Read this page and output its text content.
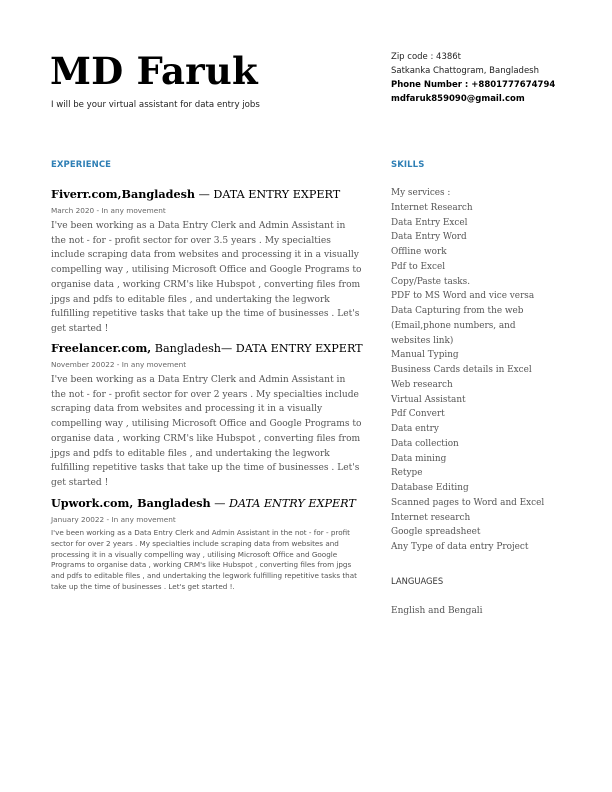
MD Faruk
I will be your virtual assistant for data entry jobs
Zip code : 4386t
Satkanka Chattogram, Bangladesh
Phone Number : +8801777674794
mdfaruk859090@gmail.com
EXPERIENCE	SKILLS
Fiverr.com,Bangladesh — DATA ENTRY EXPERT
March 2020 - In any movement
I've been working as a Data Entry Clerk and Admin Assistant in the not - for - profit sector for over 3.5 years . My specialties include scraping data from websites and processing it in a visually compelling way , utilising Microsoft Office and Google Programs to organise data , working CRM's like Hubspot , converting files from jpgs and pdfs to editable files , and undertaking the legwork fulfilling repetitive tasks that take up the time of businesses . Let's get started !
Freelancer.com, Bangladesh— DATA ENTRY EXPERT
November 20022 - In any movement
I've been working as a Data Entry Clerk and Admin Assistant in the not - for - profit sector for over 2 years . My specialties include scraping data from websites and processing it in a visually compelling way , utilising Microsoft Office and Google Programs to organise data , working CRM's like Hubspot , converting files from jpgs and pdfs to editable files , and undertaking the legwork fulfilling repetitive tasks that take up the time of businesses . Let's get started !
Upwork.com, Bangladesh — DATA ENTRY EXPERT
January 20022 - In any movement
I've been working as a Data Entry Clerk and Admin Assistant in the not - for - profit sector for over 2 years . My specialties include scraping data from websites and processing it in a visually compelling way , utilising Microsoft Office and Google Programs to organise data , working CRM's like Hubspot , converting files from jpgs and pdfs to editable files , and undertaking the legwork fulfilling repetitive tasks that take up the time of businesses . Let's get started !.
My services :
Internet Research
Data Entry Excel
Data Entry Word
Offline work
Pdf to Excel
Copy/Paste tasks.
PDF to MS Word and vice versa
Data Capturing from the web
(Email,phone numbers, and
websites link)
Manual Typing
Business Cards details in Excel
Web research
Virtual Assistant
Pdf Convert
Data entry
Data collection
Data mining
Retype
Database Editing
Scanned pages to Word and Excel
Internet research
Google spreadsheet
Any Type of data entry Project
LANGUAGES
English and Bengali
